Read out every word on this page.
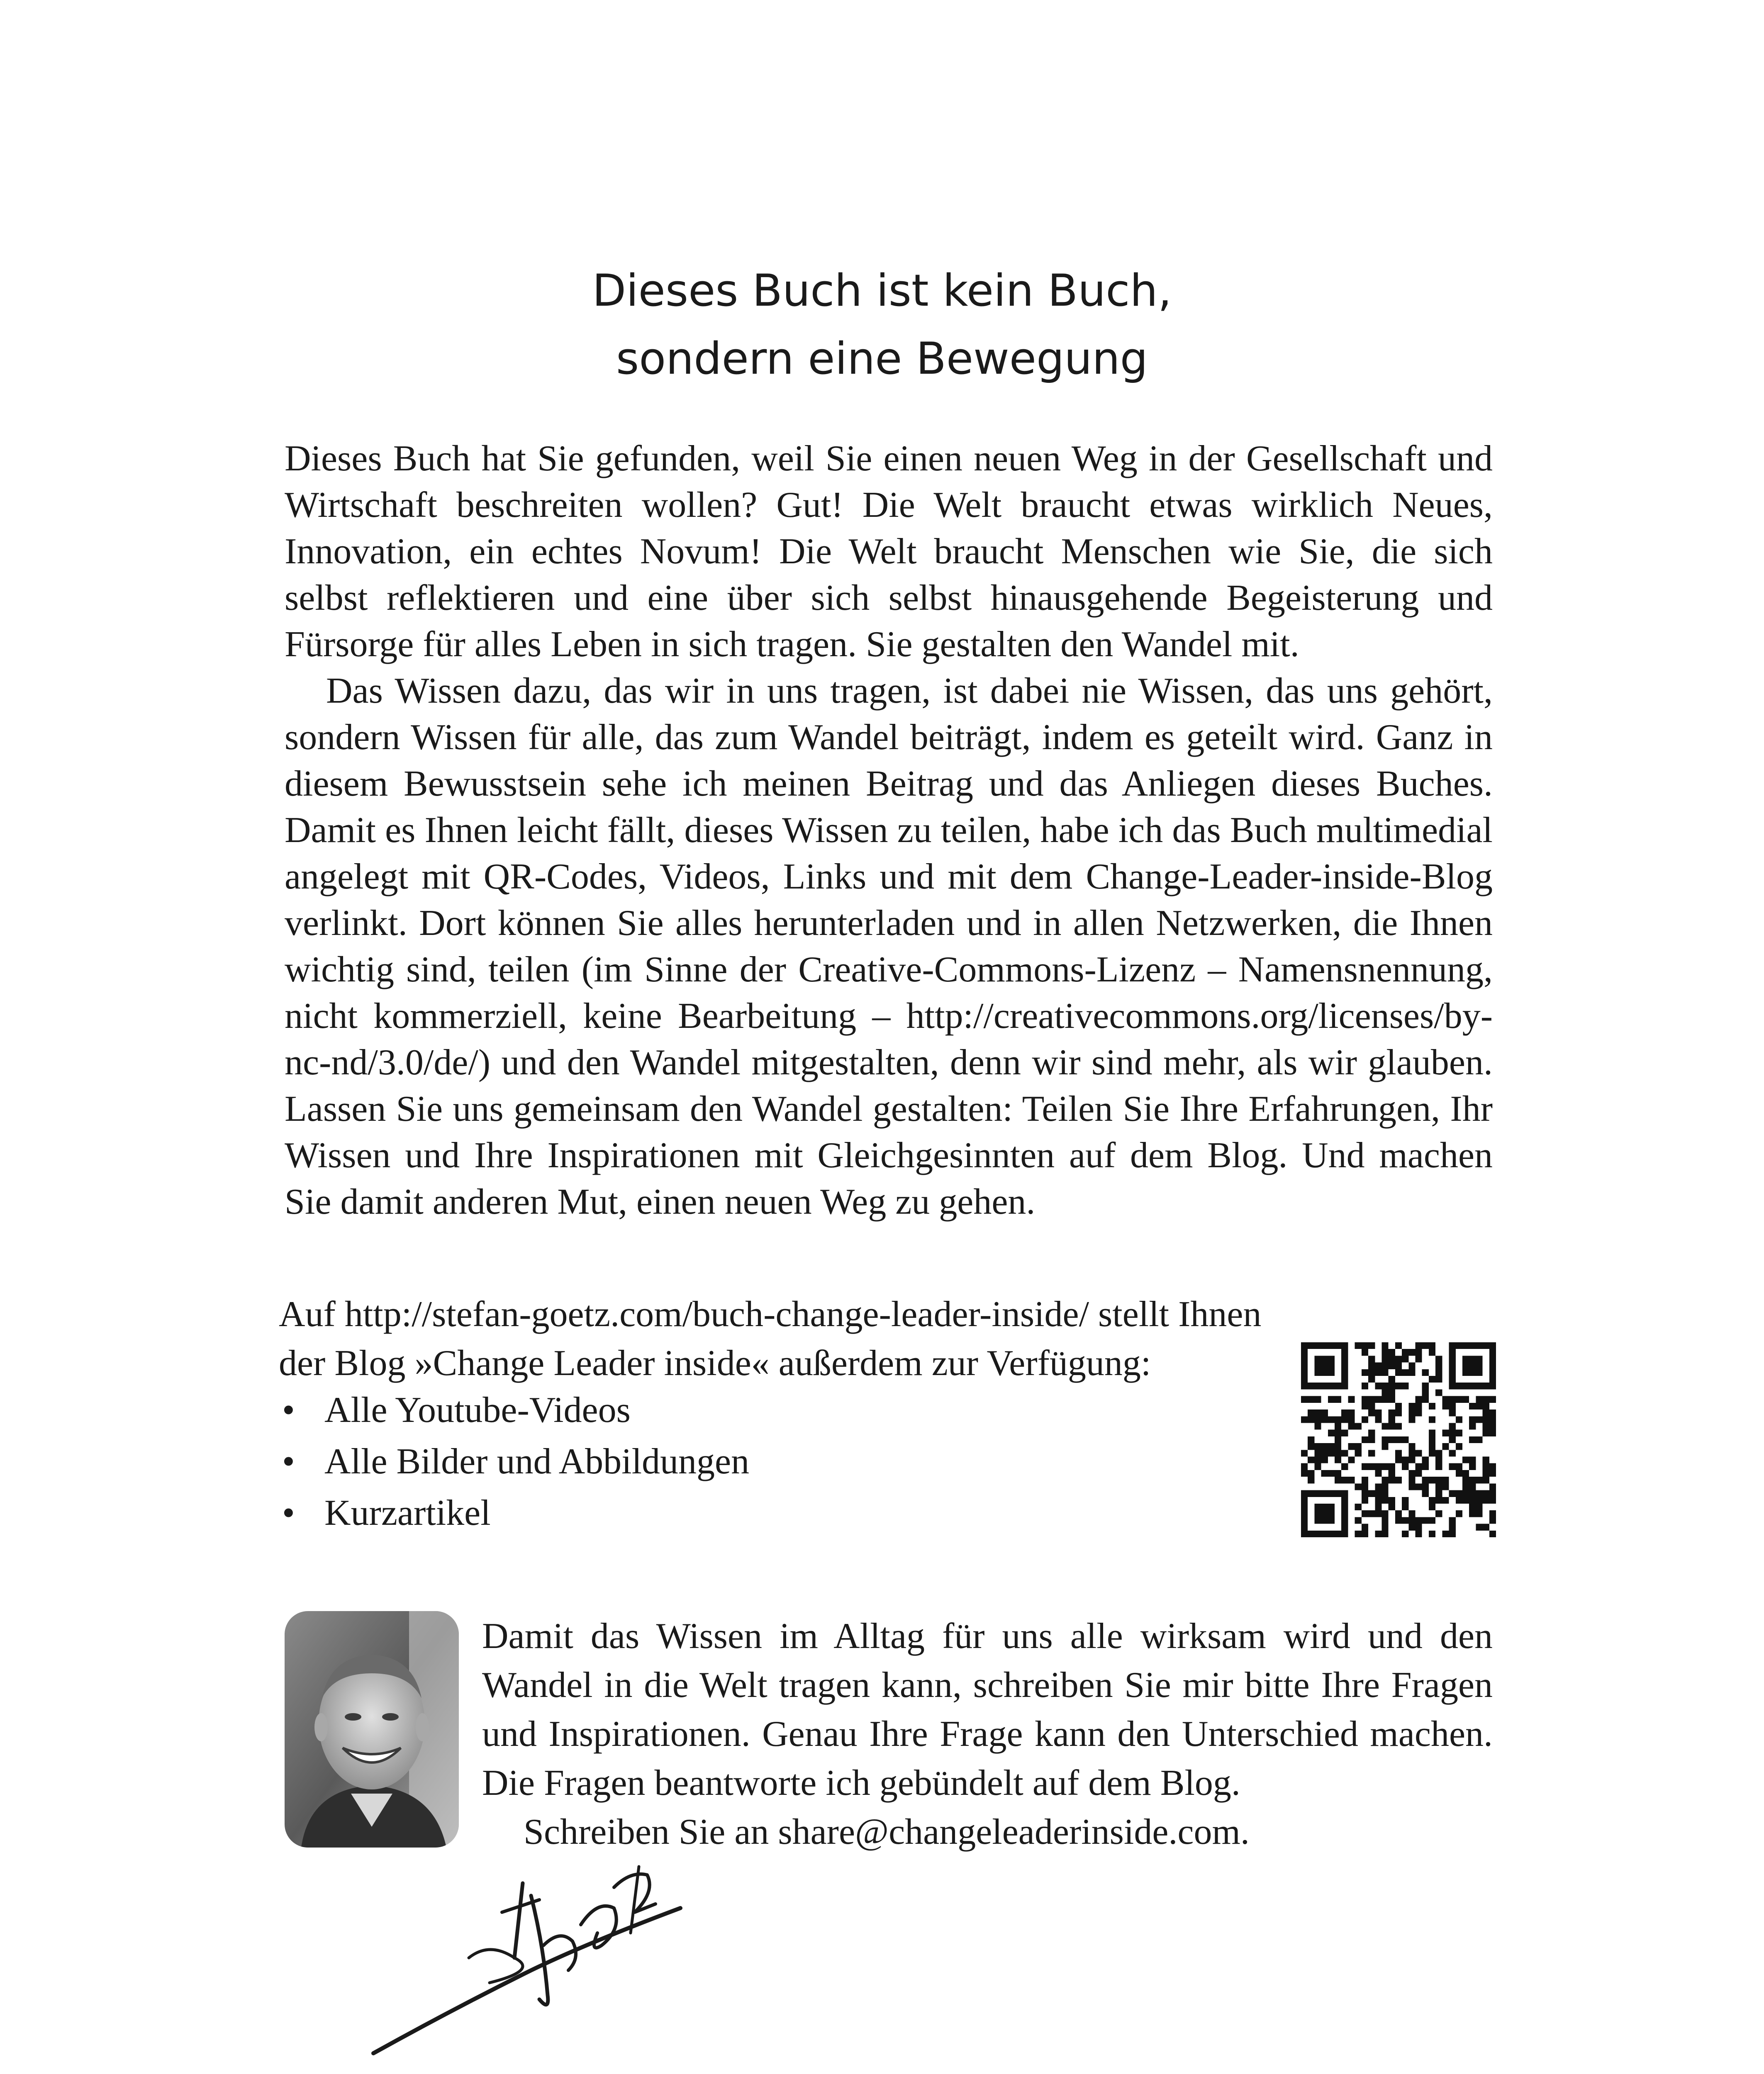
Dieses Buch ist kein Buch,
sondern eine Bewegung

Dieses Buch hat Sie gefunden, weil Sie einen neuen Weg in der Gesellschaft und Wirtschaft beschreiten wollen? Gut! Die Welt braucht etwas wirklich Neues, Innovation, ein echtes Novum! Die Welt braucht Menschen wie Sie, die sich selbst reflektieren und eine über sich selbst hinausgehende Begeisterung und Fürsorge für alles Leben in sich tragen. Sie gestalten den Wandel mit.

Das Wissen dazu, das wir in uns tragen, ist dabei nie Wissen, das uns gehört, sondern Wissen für alle, das zum Wandel beiträgt, indem es geteilt wird. Ganz in diesem Bewusstsein sehe ich meinen Beitrag und das Anliegen dieses Buches. Damit es Ihnen leicht fällt, dieses Wissen zu teilen, habe ich das Buch multimedial angelegt mit QR-Codes, Videos, Links und mit dem Change-Leader-inside-Blog verlinkt. Dort können Sie alles herunterladen und in allen Netzwerken, die Ihnen wichtig sind, teilen (im Sinne der Creative-Commons-Lizenz – Namensnennung, nicht kommerziell, keine Bearbeitung – http://creativecommons.org/licenses/by-nc-nd/3.0/de/) und den Wandel mitgestalten, denn wir sind mehr, als wir glauben. Lassen Sie uns gemeinsam den Wandel gestalten: Teilen Sie Ihre Erfahrungen, Ihr Wissen und Ihre Inspirationen mit Gleichgesinnten auf dem Blog. Und machen Sie damit anderen Mut, einen neuen Weg zu gehen.

Auf http://stefan-goetz.com/buch-change-leader-inside/ stellt Ihnen
der Blog »Change Leader inside« außerdem zur Verfügung:
• Alle Youtube-Videos
• Alle Bilder und Abbildungen
• Kurzartikel
Damit das Wissen im Alltag für uns alle wirksam wird und den Wandel in die Welt tragen kann, schreiben Sie mir bitte Ihre Fragen und Inspirationen. Genau Ihre Frage kann den Unterschied machen. Die Fragen beantworte ich gebündelt auf dem Blog.
Schreiben Sie an share@changeleaderinside.com.
